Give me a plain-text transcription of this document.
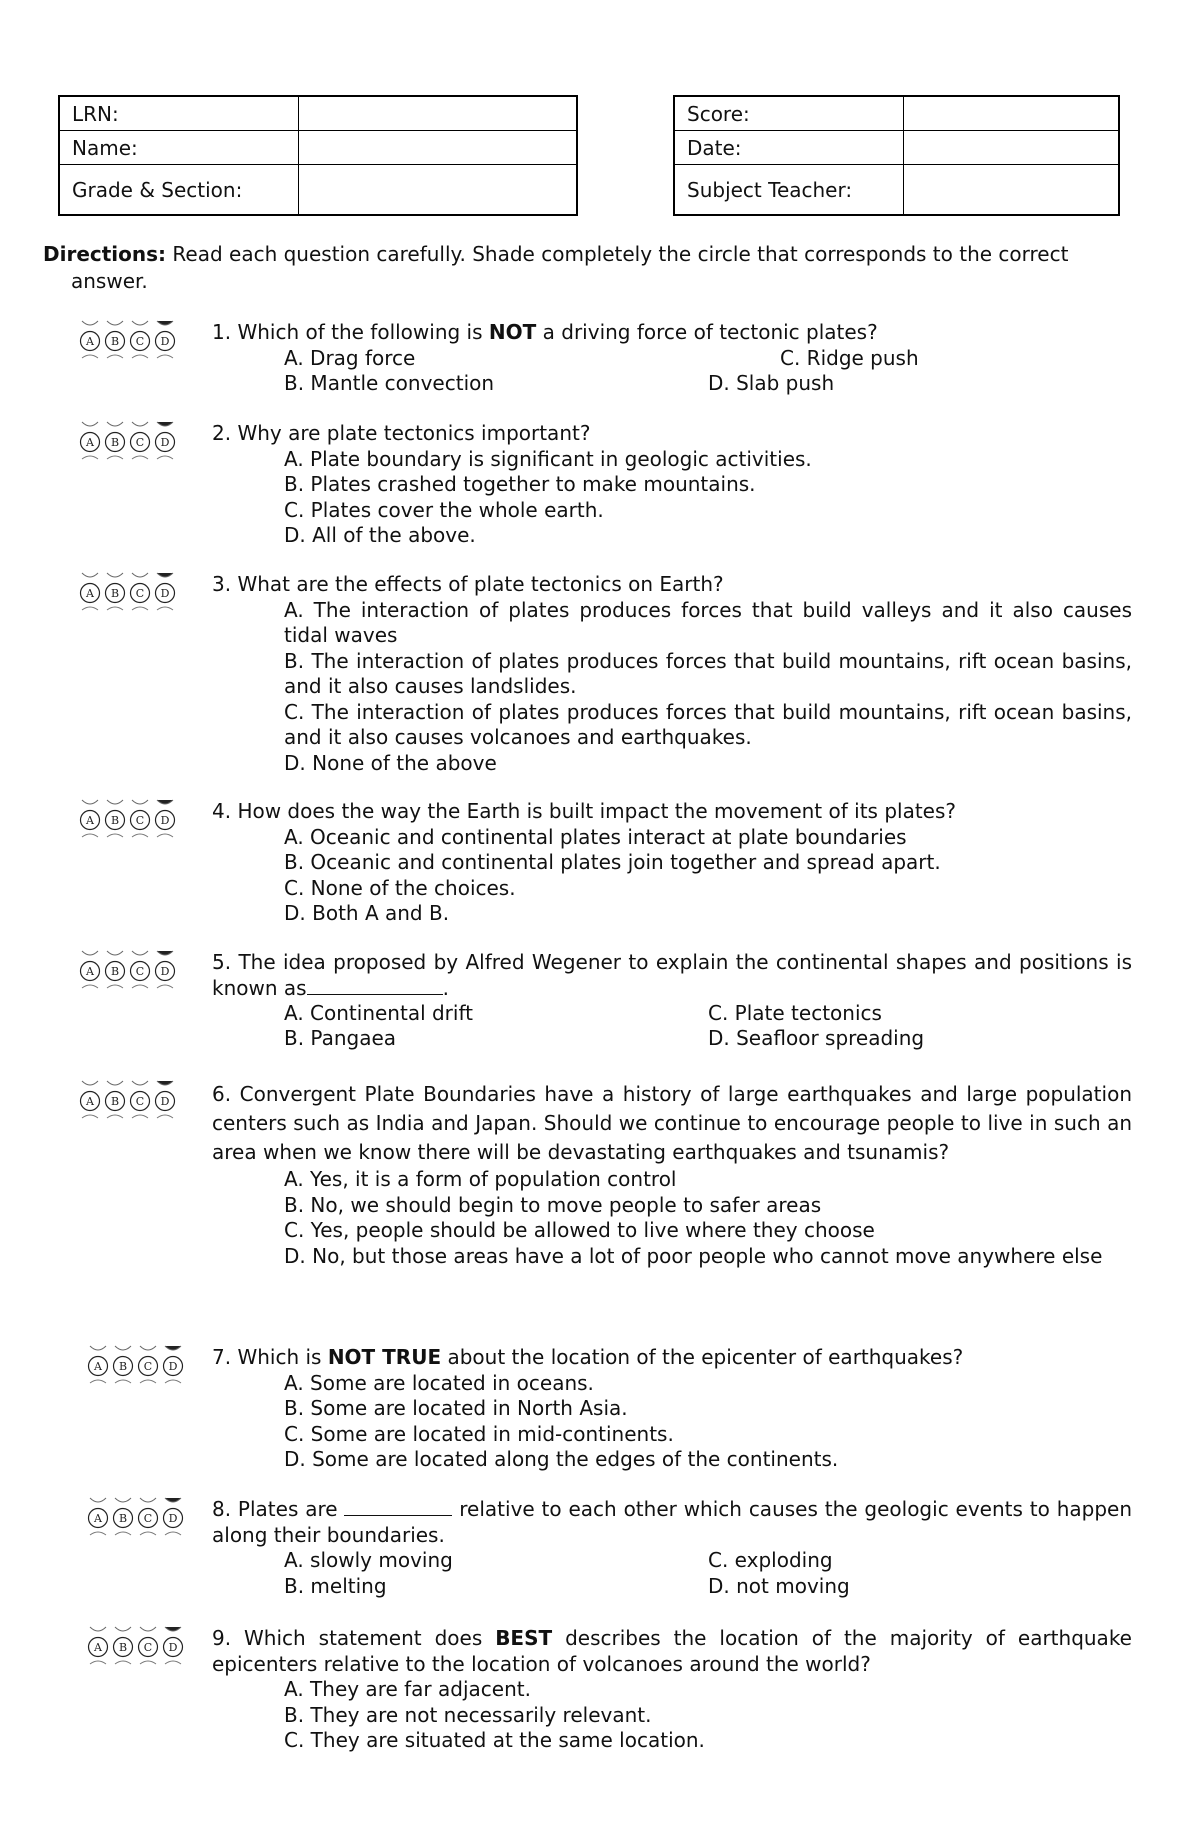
LRN:	
Name:	
Grade & Section:	
Score:	
Date:	
Subject Teacher:	
Directions: Read each question carefully. Shade completely the circle that corresponds to the correct
answer.
A B C D 1. Which of the following is NOT a driving force of tectonic plates?
A. Drag force	C. Ridge push
B. Mantle convection	D. Slab push
A B C D 2. Why are plate tectonics important?
A. Plate boundary is significant in geologic activities.
B. Plates crashed together to make mountains.
C. Plates cover the whole earth.
D. All of the above.
A B C D 3. What are the effects of plate tectonics on Earth?
A. The interaction of plates produces forces that build valleys and it also causes tidal waves
B. The interaction of plates produces forces that build mountains, rift ocean basins, and it also causes landslides.
C. The interaction of plates produces forces that build mountains, rift ocean basins, and it also causes volcanoes and earthquakes.
D. None of the above
A B C D 4. How does the way the Earth is built impact the movement of its plates?
A. Oceanic and continental plates interact at plate boundaries
B. Oceanic and continental plates join together and spread apart.
C. None of the choices.
D. Both A and B.
A B C D 5. The idea proposed by Alfred Wegener to explain the continental shapes and positions is known as	.
A. Continental drift	C. Plate tectonics
B. Pangaea	D. Seafloor spreading
A B C D 6. Convergent Plate Boundaries have a history of large earthquakes and large population centers such as India and Japan. Should we continue to encourage people to live in such an area when we know there will be devastating earthquakes and tsunamis?
A. Yes, it is a form of population control
B. No, we should begin to move people to safer areas
C. Yes, people should be allowed to live where they choose
D. No, but those areas have a lot of poor people who cannot move anywhere else
A B C D 7. Which is NOT TRUE about the location of the epicenter of earthquakes?
A. Some are located in oceans.
B. Some are located in North Asia.
C. Some are located in mid-continents.
D. Some are located along the edges of the continents.
A B C D 8. Plates are	relative to each other which causes the geologic events to happen along their boundaries.
A. slowly moving	C. exploding
B. melting	D. not moving
A B C D 9. Which statement does BEST describes the location of the majority of earthquake epicenters relative to the location of volcanoes around the world?
A. They are far adjacent.
B. They are not necessarily relevant.
C. They are situated at the same location.
